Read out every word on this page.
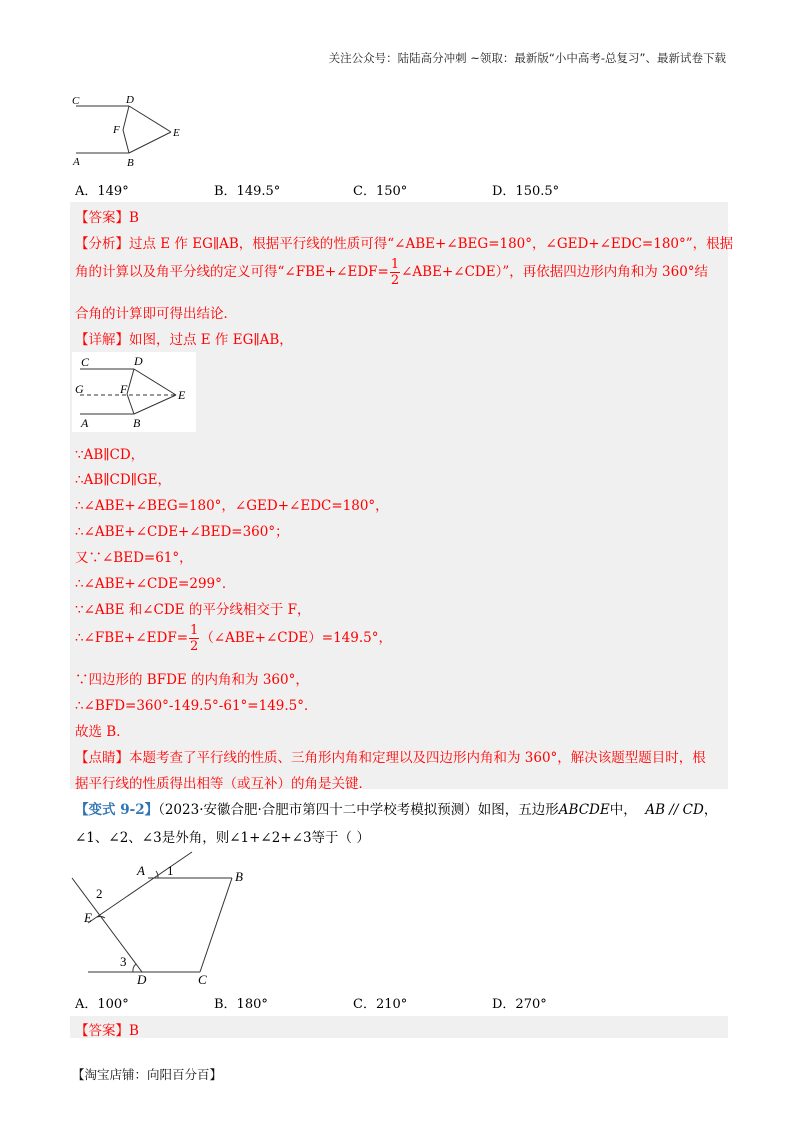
关注公众号：陆陆高分冲刺 ~领取：最新版“小中高考-总复习”、最新试卷下载
C	D
F	E
A	B
A．149°	B．149.5°	C．150°	D．150.5°
【答案】B
【分析】过点 E 作 EG∥AB，根据平行线的性质可得“∠ABE+∠BEG=180°，∠GED+∠EDC=180°”，根据
角的计算以及角平分线的定义可得“∠FBE+∠EDF= $\frac{1}{2}$ ∠ABE+∠CDE）”，再依据四边形内角和为 360°结
合角的计算即可得出结论．
【详解】如图，过点 E 作 EG∥AB，
C	D
G	F	E
A	B
∵AB∥CD，
∴AB∥CD∥GE，
∴∠ABE+∠BEG=180°，∠GED+∠EDC=180°，
∴∠ABE+∠CDE+∠BED=360°；
又∵∠BED=61°，
∴∠ABE+∠CDE=299°．
∵∠ABE 和∠CDE 的平分线相交于 F，
∴∠FBE+∠EDF= $\frac{1}{2}$ （∠ABE+∠CDE）=149.5°，
∵四边形的 BFDE 的内角和为 360°，
∴∠BFD=360°-149.5°-61°=149.5°．
故选 B．
【点睛】本题考查了平行线的性质、三角形内角和定理以及四边形内角和为 360°，解决该题型题目时，根
据平行线的性质得出相等（或互补）的角是关键．
【变式 9-2】（2023·安徽合肥·合肥市第四十二中学校考模拟预测）如图，五边形ABCDE中， AB // CD，
∠1、∠2、∠3是外角，则∠1+∠2+∠3等于（ ）
A	B
E
D	C
1
2
3
A．100°	B．180°	C．210°	D．270°
【答案】B
【淘宝店铺：向阳百分百】
